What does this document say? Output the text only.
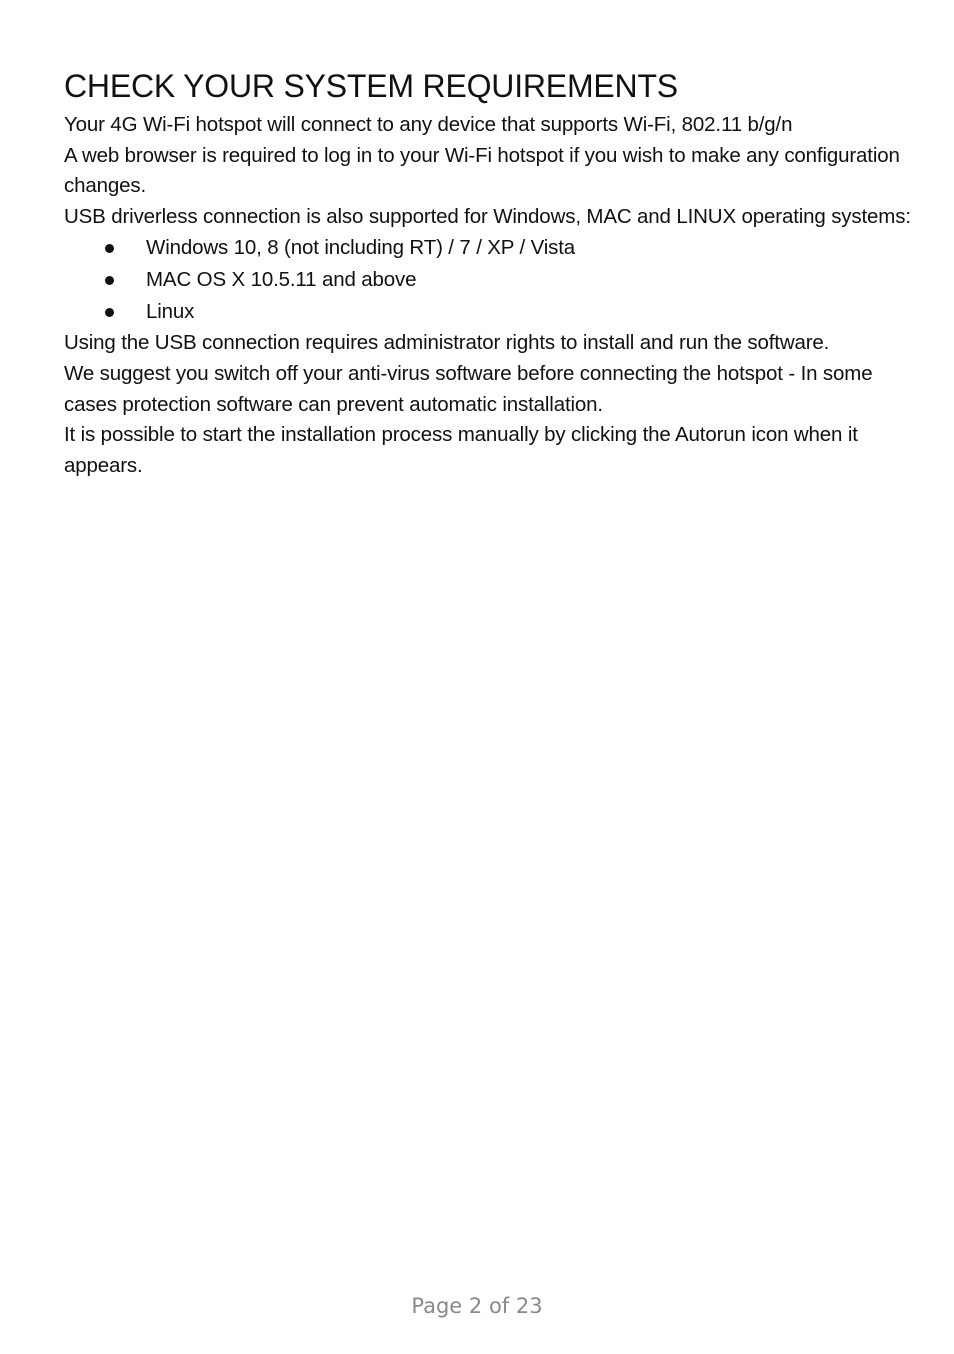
CHECK YOUR SYSTEM REQUIREMENTS

Your 4G Wi-Fi hotspot will connect to any device that supports Wi-Fi, 802.11 b/g/n

A web browser is required to log in to your Wi-Fi hotspot if you wish to make any configuration changes.

USB driverless connection is also supported for Windows, MAC and LINUX operating systems:

Windows 10, 8 (not including RT) / 7 / XP / Vista
MAC OS X 10.5.11 and above
Linux

Using the USB connection requires administrator rights to install and run the software.

We suggest you switch off your anti-virus software before connecting the hotspot - In some cases protection software can prevent automatic installation.

It is possible to start the installation process manually by clicking the Autorun icon when it appears.

Page 2 of 23
